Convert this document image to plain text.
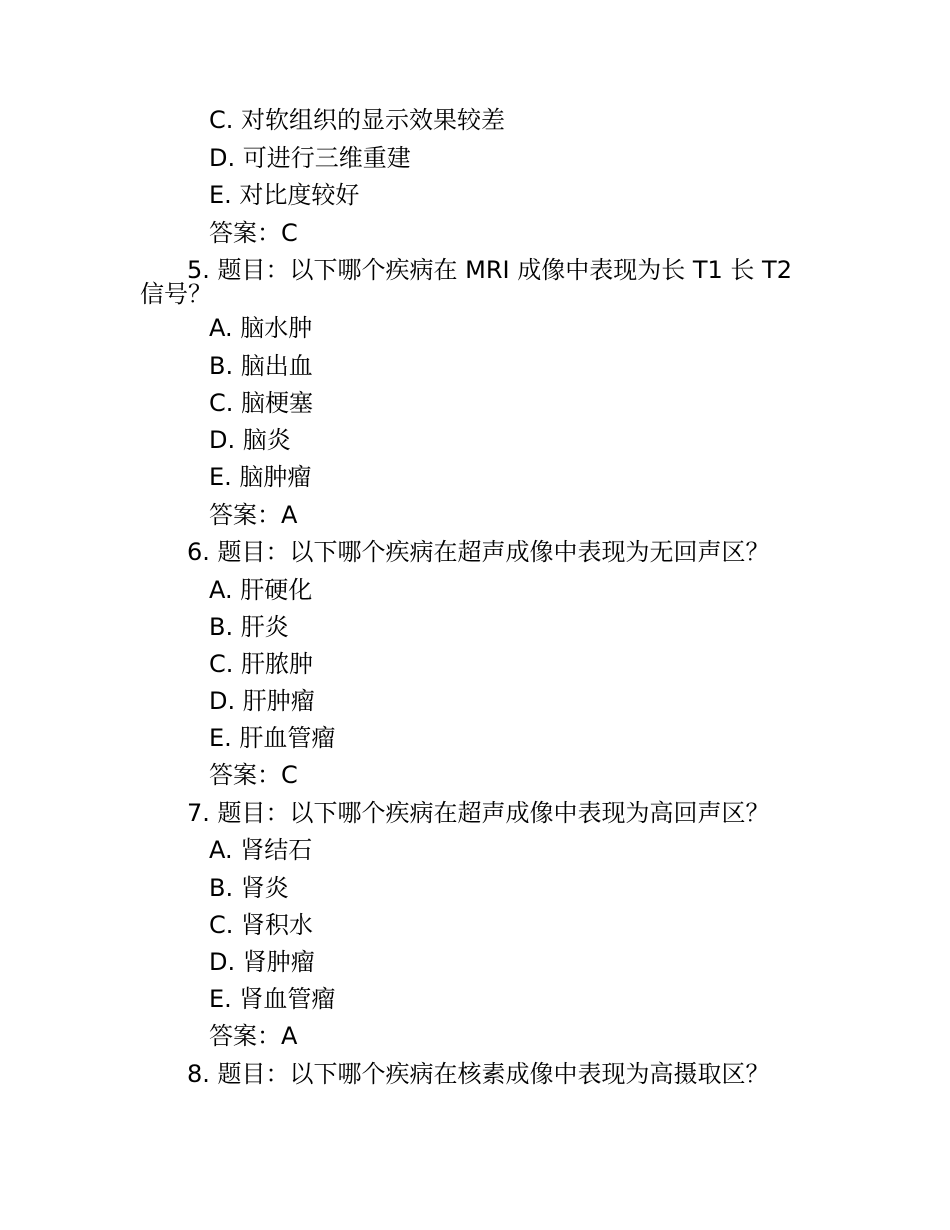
C. 对软组织的显示效果较差
D. 可进行三维重建
E. 对比度较好
答案：C
5. 题目：以下哪个疾病在 MRI 成像中表现为长 T1 长 T2
信号？
A. 脑水肿
B. 脑出血
C. 脑梗塞
D. 脑炎
E. 脑肿瘤
答案：A
6. 题目：以下哪个疾病在超声成像中表现为无回声区？
A. 肝硬化
B. 肝炎
C. 肝脓肿
D. 肝肿瘤
E. 肝血管瘤
答案：C
7. 题目：以下哪个疾病在超声成像中表现为高回声区？
A. 肾结石
B. 肾炎
C. 肾积水
D. 肾肿瘤
E. 肾血管瘤
答案：A
8. 题目：以下哪个疾病在核素成像中表现为高摄取区？
